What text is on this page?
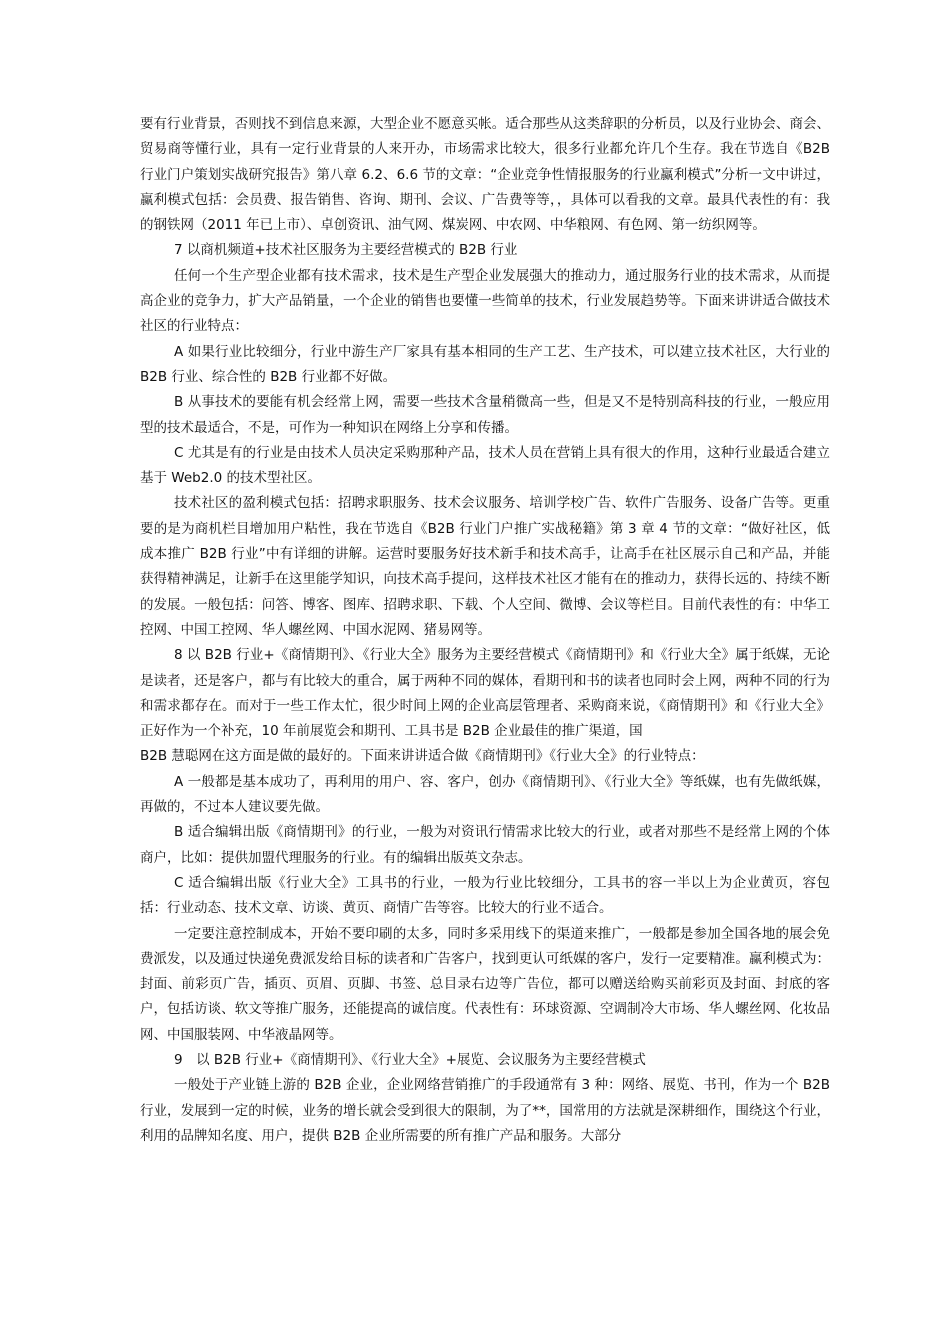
要有行业背景，否则找不到信息来源，大型企业不愿意买帐。适合那些从这类辞职的分析员，以及行业协会、商会、贸易商等懂行业，具有一定行业背景的人来开办，市场需求比较大，很多行业都允许几个生存。我在节选自《B2B 行业门户策划实战研究报告》第八章 6.2、6.6 节的文章：“企业竞争性情报服务的行业赢利模式”分析一文中讲过，赢利模式包括：会员费、报告销售、咨询、期刊、会议、广告费等等，，具体可以看我的文章。最具代表性的有：我的钢铁网（2011 年已上市）、卓创资讯、油气网、煤炭网、中农网、中华粮网、有色网、第一纺织网等。

7 以商机频道+技术社区服务为主要经营模式的 B2B 行业

任何一个生产型企业都有技术需求，技术是生产型企业发展强大的推动力，通过服务行业的技术需求，从而提高企业的竞争力，扩大产品销量，一个企业的销售也要懂一些简单的技术，行业发展趋势等。下面来讲讲适合做技术社区的行业特点：

A 如果行业比较细分，行业中游生产厂家具有基本相同的生产工艺、生产技术，可以建立技术社区，大行业的 B2B 行业、综合性的 B2B 行业都不好做。

B 从事技术的要能有机会经常上网，需要一些技术含量稍微高一些，但是又不是特别高科技的行业，一般应用型的技术最适合，不是，可作为一种知识在网络上分享和传播。

C 尤其是有的行业是由技术人员决定采购那种产品，技术人员在营销上具有很大的作用，这种行业最适合建立基于 Web2.0 的技术型社区。

技术社区的盈利模式包括：招聘求职服务、技术会议服务、培训学校广告、软件广告服务、设备广告等。更重要的是为商机栏目增加用户粘性，我在节选自《B2B 行业门户推广实战秘籍》第 3 章 4 节的文章：“做好社区，低成本推广 B2B 行业”中有详细的讲解。运营时要服务好技术新手和技术高手，让高手在社区展示自己和产品，并能获得精神满足，让新手在这里能学知识，向技术高手提问，这样技术社区才能有在的推动力，获得长远的、持续不断的发展。一般包括：问答、博客、图库、招聘求职、下载、个人空间、微博、会议等栏目。目前代表性的有：中华工控网、中国工控网、华人螺丝网、中国水泥网、猪易网等。

8 以 B2B 行业+《商情期刊》、《行业大全》服务为主要经营模式《商情期刊》和《行业大全》属于纸媒，无论是读者，还是客户，都与有比较大的重合，属于两种不同的媒体，看期刊和书的读者也同时会上网，两种不同的行为和需求都存在。而对于一些工作太忙，很少时间上网的企业高层管理者、采购商来说，《商情期刊》和《行业大全》正好作为一个补充，10 年前展览会和期刊、工具书是 B2B 企业最佳的推广渠道，国

B2B 慧聪网在这方面是做的最好的。下面来讲讲适合做《商情期刊》《行业大全》的行业特点：

A 一般都是基本成功了，再利用的用户、容、客户，创办《商情期刊》、《行业大全》等纸媒，也有先做纸媒，再做的，不过本人建议要先做。

B 适合编辑出版《商情期刊》的行业，一般为对资讯行情需求比较大的行业，或者对那些不是经常上网的个体商户，比如：提供加盟代理服务的行业。有的编辑出版英文杂志。

C 适合编辑出版《行业大全》工具书的行业，一般为行业比较细分，工具书的容一半以上为企业黄页，容包括：行业动态、技术文章、访谈、黄页、商情广告等容。比较大的行业不适合。

一定要注意控制成本，开始不要印刷的太多，同时多采用线下的渠道来推广，一般都是参加全国各地的展会免费派发，以及通过快递免费派发给目标的读者和广告客户，找到更认可纸媒的客户，发行一定要精准。赢利模式为：封面、前彩页广告，插页、页眉、页脚、书签、总目录右边等广告位，都可以赠送给购买前彩页及封面、封底的客户，包括访谈、软文等推广服务，还能提高的诚信度。代表性有：环球资源、空调制冷大市场、华人螺丝网、化妆品网、中国服装网、中华液晶网等。

9　以 B2B 行业+《商情期刊》、《行业大全》+展览、会议服务为主要经营模式

一般处于产业链上游的 B2B 企业，企业网络营销推广的手段通常有 3 种：网络、展览、书刊，作为一个 B2B 行业，发展到一定的时候，业务的增长就会受到很大的限制，为了**，国常用的方法就是深耕细作，围绕这个行业，利用的品牌知名度、用户，提供 B2B 企业所需要的所有推广产品和服务。大部分
